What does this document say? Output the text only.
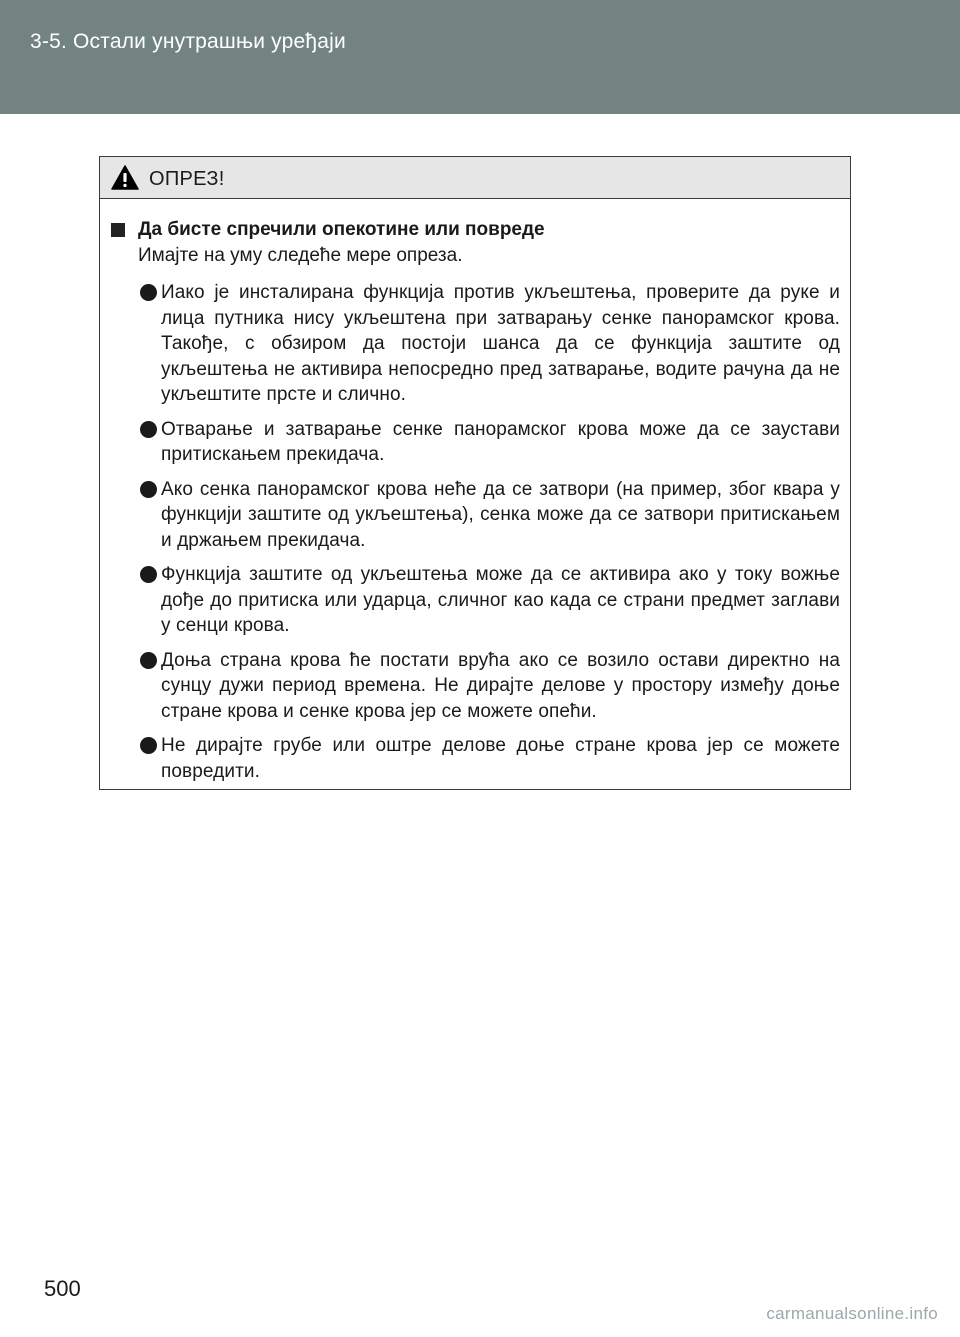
3-5. Остали унутрашњи уређаји
ОПРЕЗ!
Да бисте спречили опекотине или повреде
Имајте на уму следеће мере опреза.
Иако је инсталирана функција против укљештења, проверите да руке и лица путника нису укљештена при затварању сенке панорамског крова. Такође, с обзиром да постоји шанса да се функција заштите од укљештења не активира непосредно пред затварање, водите рачуна да не укљештите прсте и слично.
Отварање и затварање сенке панорамског крова може да се заустави притискањем прекидача.
Ако сенка панорамског крова неће да се затвори (на пример, због квара у функцији заштите од укљештења), сенка може да се затвори притискањем и држањем прекидача.
Функција заштите од укљештења може да се активира ако у току вожње дође до притиска или ударца, сличног као када се страни предмет заглави у сенци крова.
Доња страна крова ће постати врућа ако се возило остави директно на сунцу дужи период времена. Не дирајте делове у простору између доње стране крова и сенке крова јер се можете опећи.
Не дирајте грубе или оштре делове доње стране крова јер се можете повредити.
500
carmanualsonline.info
